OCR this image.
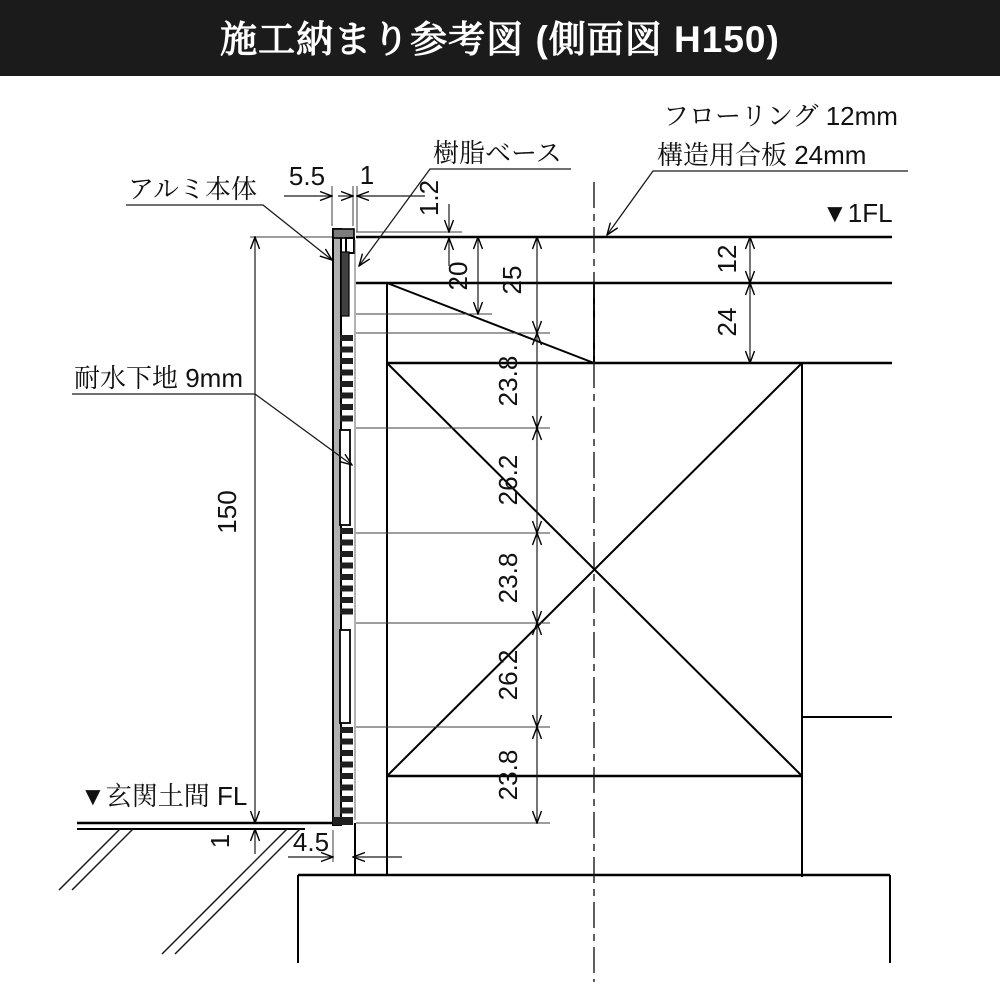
施工納まり参考図 (側面図 H150)
フローリング 12mm
構造用合板 24mm
アルミ本体
樹脂ベース
耐水下地 9mm
▼1FL
▼玄関土間 FL
5.5 1
1.2
20 25
12
24
23.8
26.2
23.8
26.2
23.8
150
4.5
1
